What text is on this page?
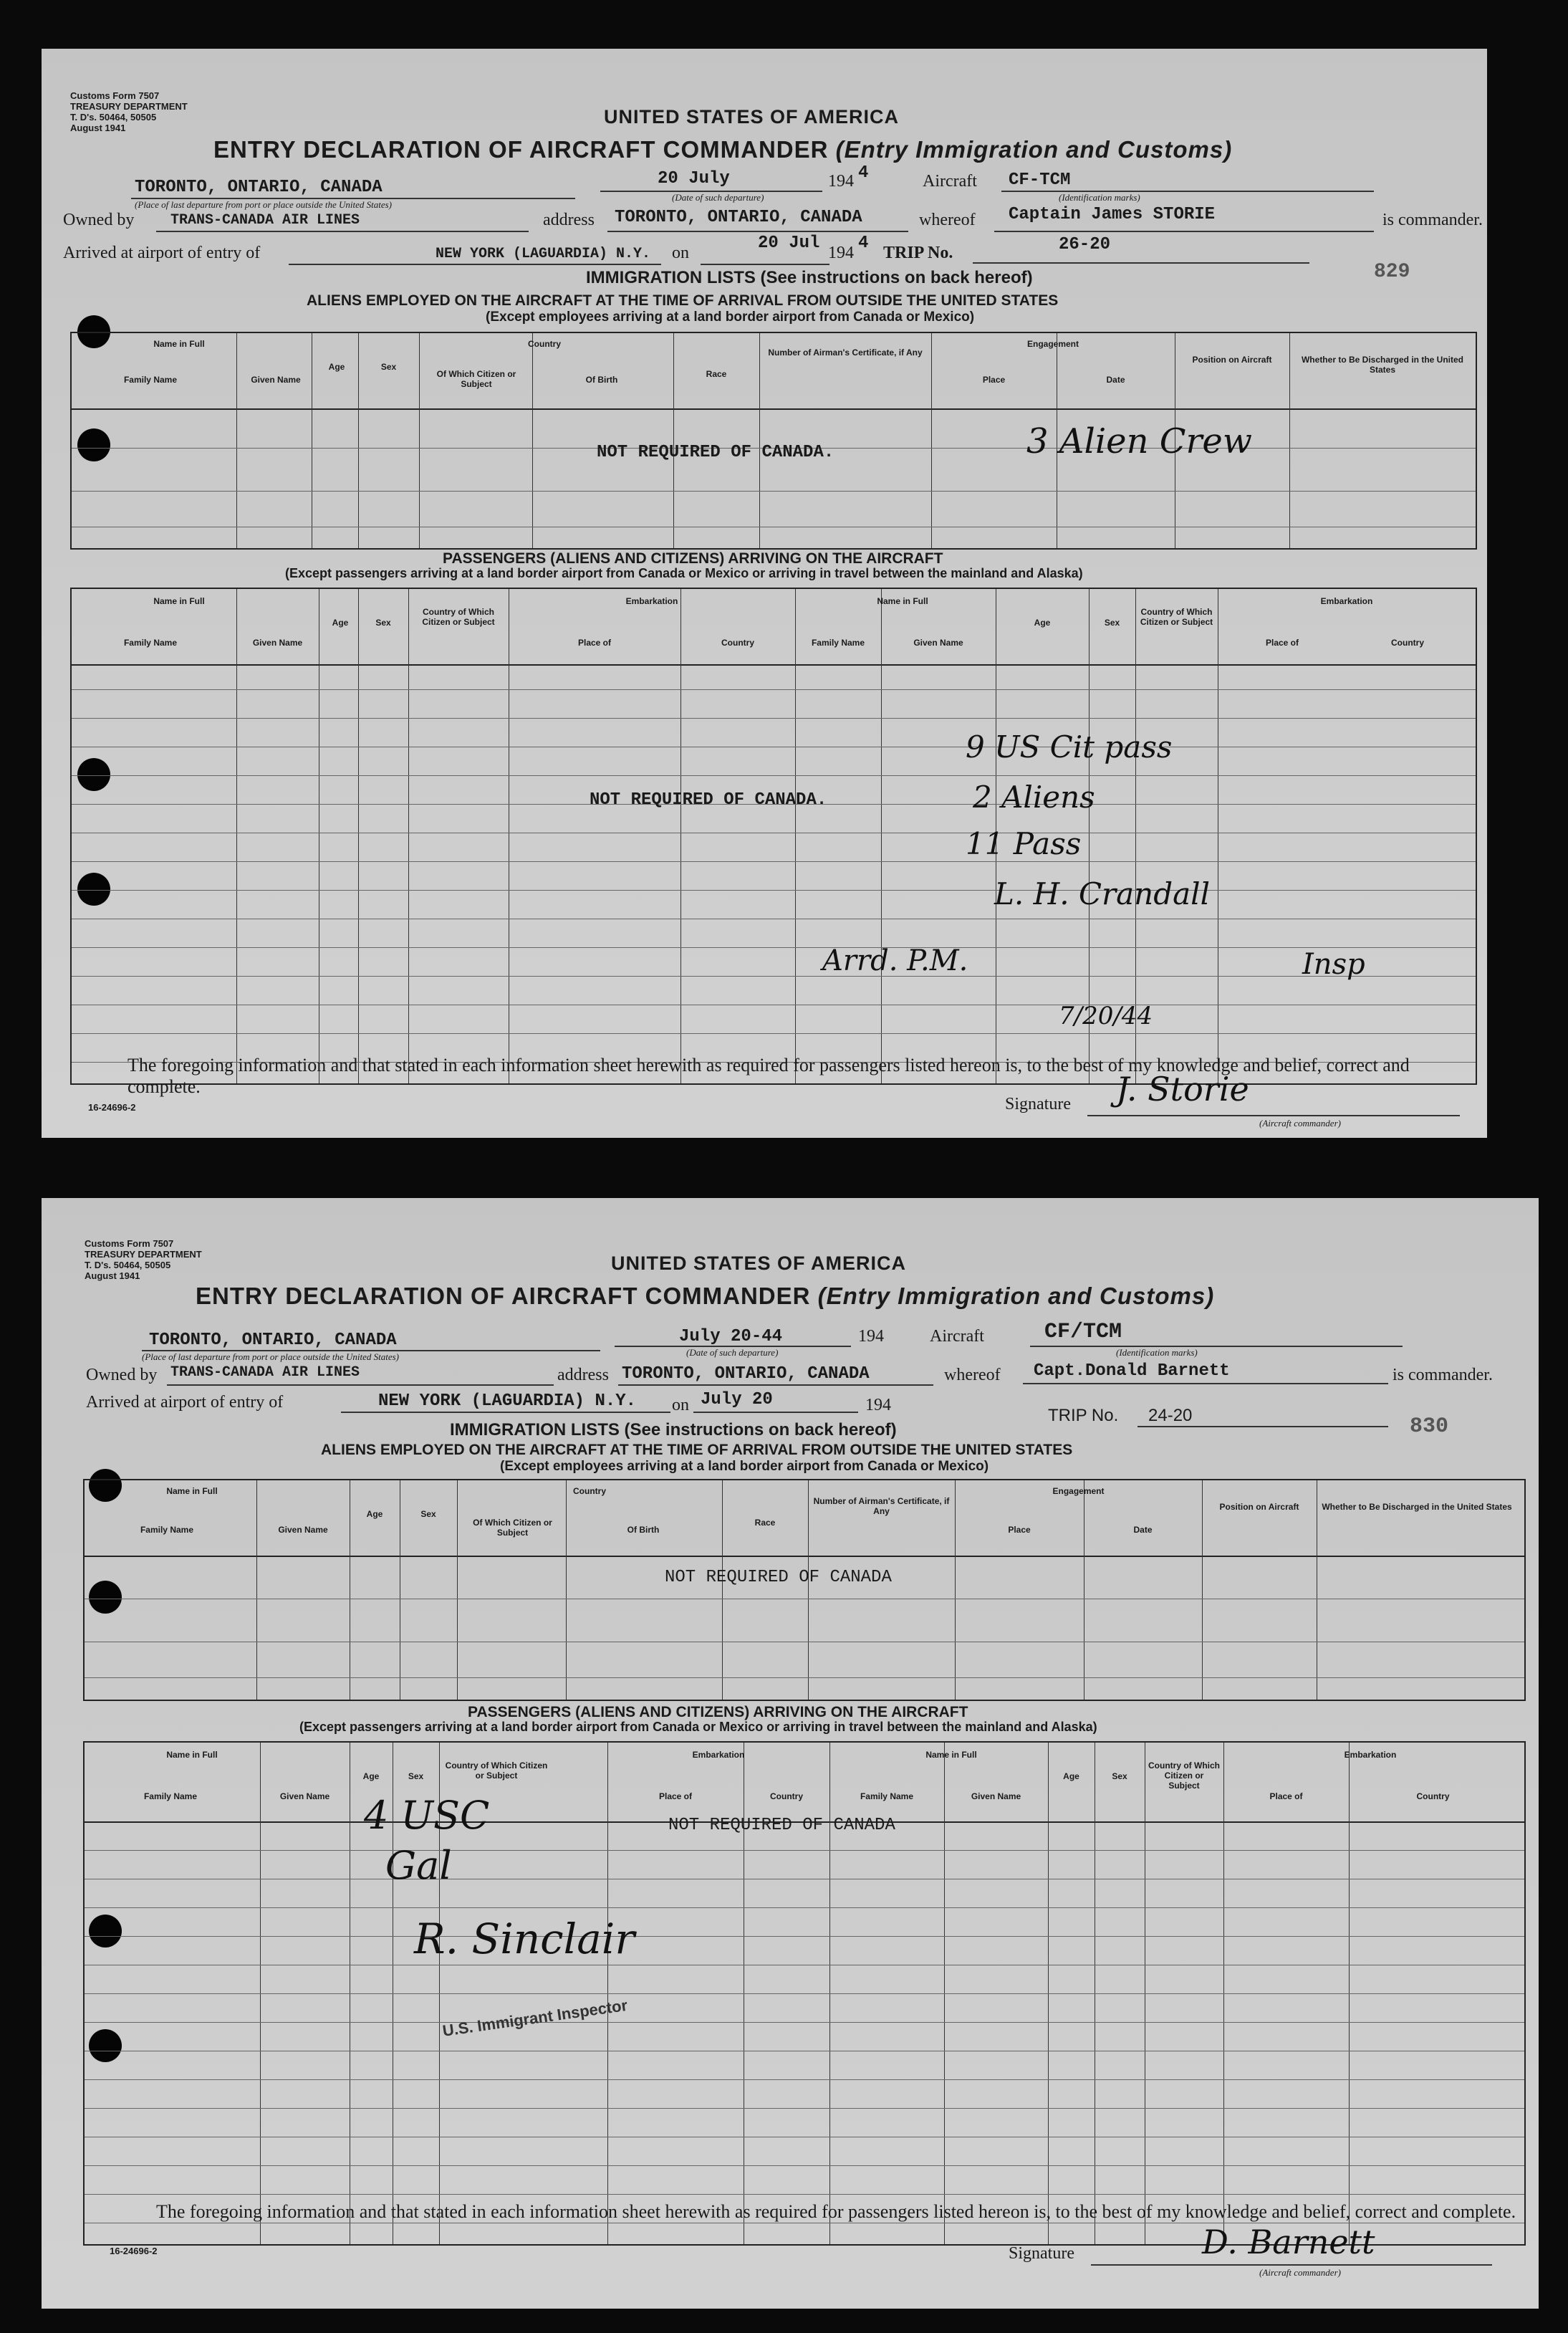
Customs Form 7507
TREASURY DEPARTMENT
T. D's. 50464, 50505
August 1941
UNITED STATES OF AMERICA
ENTRY DECLARATION OF AIRCRAFT COMMANDER (Entry Immigration and Customs)
TORONTO, ONTARIO, CANADA
(Place of last departure from port or place outside the United States)
20 July
(Date of such departure)
194 4	Aircraft CF-TCM
(Identification marks)
Owned by	TRANS-CANADA AIR LINES	address TORONTO, ONTARIO, CANADA	whereof Captain James STORIE	is commander.
Arrived at airport of entry of	NEW YORK (LAGUARDIA) N.Y. on	20 Jul 194 4 TRIP No.	26-20
829
IMMIGRATION LISTS (See instructions on back hereof)
ALIENS EMPLOYED ON THE AIRCRAFT AT THE TIME OF ARRIVAL FROM OUTSIDE THE UNITED STATES
(Except employees arriving at a land border airport from Canada or Mexico)
Name in Full
Family Name	Given Name
Age	Sex
Country
Of Which Citizen or Subject	Of Birth
Race
Number of Airman's Certificate, if Any
Engagement
Place	Date
Position on Aircraft	Whether to Be Discharged in the United States
NOT REQUIRED OF CANADA.	3 Alien Crew
PASSENGERS (ALIENS AND CITIZENS) ARRIVING ON THE AIRCRAFT
(Except passengers arriving at a land border airport from Canada or Mexico or arriving in travel between the mainland and Alaska)
Name in Full
Family Name	Given Name
Age	Sex
Country of Which Citizen or Subject
Embarkation
Place of	Country
Name in Full
Family Name	Given Name
Age	Sex
Country of Which Citizen or Subject
Embarkation
Place of	Country
NOT REQUIRED OF CANADA.
9 US Cit pass
2 Aliens
11 Pass
L. H. Crandall
Arrd. P.M.	Insp
7/20/44
The foregoing information and that stated in each information sheet herewith as required for passengers listed hereon is, to the best of my knowledge and belief, correct and complete.
16-24696-2	Signature J. Storie
(Aircraft commander)
Customs Form 7507
TREASURY DEPARTMENT
T. D's. 50464, 50505
August 1941
UNITED STATES OF AMERICA
ENTRY DECLARATION OF AIRCRAFT COMMANDER (Entry Immigration and Customs)
TORONTO, ONTARIO, CANADA
(Place of last departure from port or place outside the United States)
July 20-44
(Date of such departure)
194	Aircraft	CF/TCM
(Identification marks)
Owned by TRANS-CANADA AIR LINES	address TORONTO, ONTARIO, CANADA	whereof Capt.Donald Barnett	is commander.
Arrived at airport of entry of	NEW YORK (LAGUARDIA) N.Y. on July 20	194
TRIP No. 24-20	830
IMMIGRATION LISTS (See instructions on back hereof)
ALIENS EMPLOYED ON THE AIRCRAFT AT THE TIME OF ARRIVAL FROM OUTSIDE THE UNITED STATES
(Except employees arriving at a land border airport from Canada or Mexico)
Name in Full
Family Name	Given Name
Age	Sex
Country
Of Which Citizen or Subject	Of Birth
Race
Number of Airman's Certificate, if Any
Engagement
Place	Date
Position on Aircraft	Whether to Be Discharged in the United States
NOT REQUIRED OF CANADA
PASSENGERS (ALIENS AND CITIZENS) ARRIVING ON THE AIRCRAFT
(Except passengers arriving at a land border airport from Canada or Mexico or arriving in travel between the mainland and Alaska)
Name in Full
Family Name	Given Name
Age	Sex
Country of Which Citizen or Subject
Embarkation
Place of	Country
Name in Full
Family Name	Given Name
Age	Sex
Country of Which Citizen or Subject
Embarkation
Place of	Country
NOT REQUIRED OF CANADA
4 USC
Gal
R. Sinclair
U.S. Immigrant Inspector
The foregoing information and that stated in each information sheet herewith as required for passengers listed hereon is, to the best of my knowledge and belief, correct and complete.
16-24696-2	Signature	D. Barnett
(Aircraft commander)
